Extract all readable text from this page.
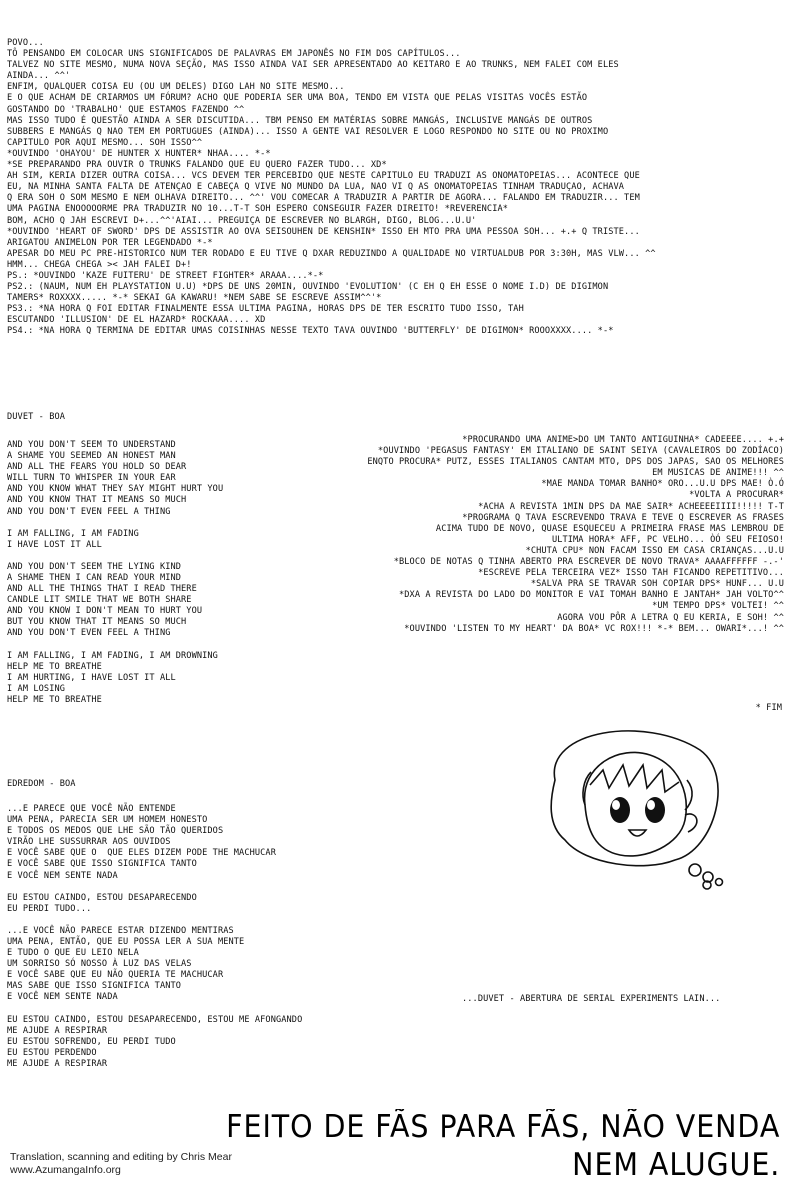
POVO...
TÔ PENSANDO EM COLOCAR UNS SIGNIFICADOS DE PALAVRAS EM JAPONÊS NO FIM DOS CAPÍTULOS...
TALVEZ NO SITE MESMO, NUMA NOVA SEÇÃO, MAS ISSO AINDA VAI SER APRESENTADO AO KEITARO E AO TRUNKS, NEM FALEI COM ELES
AINDA... ^^'
ENFIM, QUALQUER COISA EU (OU UM DELES) DIGO LAH NO SITE MESMO...
E O QUE ACHAM DE CRIARMOS UM FÓRUM? ACHO QUE PODERIA SER UMA BOA, TENDO EM VISTA QUE PELAS VISITAS VOCÊS ESTÃO
GOSTANDO DO 'TRABALHO' QUE ESTAMOS FAZENDO ^^
MAS ISSO TUDO É QUESTÃO AINDA A SER DISCUTIDA... TBM PENSO EM MATÉRIAS SOBRE MANGÁS, INCLUSIVE MANGÁS DE OUTROS
SUBBERS E MANGÁS Q NAO TEM EM PORTUGUES (AINDA)... ISSO A GENTE VAI RESOLVER E LOGO RESPONDO NO SITE OU NO PROXIMO
CAPITULO POR AQUI MESMO... SOH ISSO^^
*OUVINDO 'OHAYOU' DE HUNTER X HUNTER* NHAA.... *-*
*SE PREPARANDO PRA OUVIR O TRUNKS FALANDO QUE EU QUERO FAZER TUDO... XD*
AH SIM, KERIA DIZER OUTRA COISA... VCS DEVEM TER PERCEBIDO QUE NESTE CAPITULO EU TRADUZI AS ONOMATOPEIAS... ACONTECE QUE
EU, NA MINHA SANTA FALTA DE ATENÇAO E CABEÇA Q VIVE NO MUNDO DA LUA, NAO VI Q AS ONOMATOPEIAS TINHAM TRADUÇAO, ACHAVA
Q ERA SOH O SOM MESMO E NEM OLHAVA DIREITO... ^^' VOU COMECAR A TRADUZIR A PARTIR DE AGORA... FALANDO EM TRADUZIR... TEM
UMA PAGINA ENOOOOORME PRA TRADUZIR NO 10...T-T SOH ESPERO CONSEGUIR FAZER DIREITO! *REVERENCIA*
BOM, ACHO Q JAH ESCREVI D+...^^'AIAI... PREGUIÇA DE ESCREVER NO BLARGH, DIGO, BLOG...U.U'
*OUVINDO 'HEART OF SWORD' DPS DE ASSISTIR AO OVA SEISOUHEN DE KENSHIN* ISSO EH MTO PRA UMA PESSOA SOH... +.+ Q TRISTE...
ARIGATOU ANIMELON POR TER LEGENDADO *-*
APESAR DO MEU PC PRE-HISTORICO NUM TER RODADO E EU TIVE Q DXAR REDUZINDO A QUALIDADE NO VIRTUALDUB POR 3:30H, MAS VLW... ^^
HMM... CHEGA CHEGA >< JAH FALEI D+!
PS.: *OUVINDO 'KAZE FUITERU' DE STREET FIGHTER* ARAAA....*-*
PS2.: (NAUM, NUM EH PLAYSTATION U.U) *DPS DE UNS 20MIN, OUVINDO 'EVOLUTION' (C EH Q EH ESSE O NOME I.D) DE DIGIMON
TAMERS* ROXXXX..... *-* SEKAI GA KAWARU! *NEM SABE SE ESCREVE ASSIM^^'*
PS3.: *NA HORA Q FOI EDITAR FINALMENTE ESSA ULTIMA PAGINA, HORAS DPS DE TER ESCRITO TUDO ISSO, TAH
ESCUTANDO 'ILLUSION' DE EL HAZARD* ROCKAAA.... XD
PS4.: *NA HORA Q TERMINA DE EDITAR UMAS COISINHAS NESSE TEXTO TAVA OUVINDO 'BUTTERFLY' DE DIGIMON* ROOOXXXX.... *-*
DUVET - BOA
AND YOU DON'T SEEM TO UNDERSTAND
A SHAME YOU SEEMED AN HONEST MAN
AND ALL THE FEARS YOU HOLD SO DEAR
WILL TURN TO WHISPER IN YOUR EAR
AND YOU KNOW WHAT THEY SAY MIGHT HURT YOU
AND YOU KNOW THAT IT MEANS SO MUCH
AND YOU DON'T EVEN FEEL A THING
I AM FALLING, I AM FADING
I HAVE LOST IT ALL
AND YOU DON'T SEEM THE LYING KIND
A SHAME THEN I CAN READ YOUR MIND
AND ALL THE THINGS THAT I READ THERE
CANDLE LIT SMILE THAT WE BOTH SHARE
AND YOU KNOW I DON'T MEAN TO HURT YOU
BUT YOU KNOW THAT IT MEANS SO MUCH
AND YOU DON'T EVEN FEEL A THING
I AM FALLING, I AM FADING, I AM DROWNING
HELP ME TO BREATHE
I AM HURTING, I HAVE LOST IT ALL
I AM LOSING
HELP ME TO BREATHE
*PROCURANDO UMA ANIME>DO UM TANTO ANTIGUINHA* CADEEEE.... +.+
*OUVINDO 'PEGASUS FANTASY' EM ITALIANO DE SAINT SEIYA (CAVALEIROS DO ZODÍACO)
ENQTO PROCURA* PUTZ, ESSES ITALIANOS CANTAM MTO, DPS DOS JAPAS, SAO OS MELHORES
EM MUSICAS DE ANIME!!! ^^
*MAE MANDA TOMAR BANHO* ORO...U.U DPS MAE! Ò.Ó
*VOLTA A PROCURAR*
*ACHA A REVISTA 1MIN DPS DA MAE SAIR* ACHEEEEIIII!!!!! T-T
*PROGRAMA Q TAVA ESCREVENDO TRAVA E TEVE Q ESCREVER AS FRASES
ACIMA TUDO DE NOVO, QUASE ESQUECEU A PRIMEIRA FRASE MAS LEMBROU DE
ULTIMA HORA* AFF, PC VELHO... ÒÓ SEU FEIOSO!
*CHUTA CPU* NON FACAM ISSO EM CASA CRIANÇAS...U.U
*BLOCO DE NOTAS Q TINHA ABERTO PRA ESCREVER DE NOVO TRAVA* AAAAFFFFFF -.-'
*ESCREVE PELA TERCEIRA VEZ* ISSO TAH FICANDO REPETITIVO...
*SALVA PRA SE TRAVAR SOH COPIAR DPS* HUNF... U.U
*DXA A REVISTA DO LADO DO MONITOR E VAI TOMAH BANHO E JANTAH* JAH VOLTO^^
*UM TEMPO DPS* VOLTEI! ^^
AGORA VOU PÔR A LETRA Q EU KERIA, E SOH! ^^
*OUVINDO 'LISTEN TO MY HEART' DA BOA* VC ROX!!! *-* BEM... OWARI*...! ^^
* FIM
EDREDOM - BOA
...E PARECE QUE VOCÊ NÃO ENTENDE
UMA PENA, PARECIA SER UM HOMEM HONESTO
E TODOS OS MEDOS QUE LHE SÃO TÃO QUERIDOS
VIRÃO LHE SUSSURRAR AOS OUVIDOS
E VOCÊ SABE QUE O  QUE ELES DIZEM PODE THE MACHUCAR
E VOCÊ SABE QUE ISSO SIGNIFICA TANTO
E VOCÊ NEM SENTE NADA
EU ESTOU CAINDO, ESTOU DESAPARECENDO
EU PERDI TUDO...
...E VOCÊ NÃO PARECE ESTAR DIZENDO MENTIRAS
UMA PENA, ENTÃO, QUE EU POSSA LER A SUA MENTE
E TUDO O QUE EU LEIO NELA
UM SORRISO SÓ NOSSO À LUZ DAS VELAS
E VOCÊ SABE QUE EU NÃO QUERIA TE MACHUCAR
MAS SABE QUE ISSO SIGNIFICA TANTO
E VOCÊ NEM SENTE NADA
EU ESTOU CAINDO, ESTOU DESAPARECENDO, ESTOU ME AFONGANDO
ME AJUDE A RESPIRAR
EU ESTOU SOFRENDO, EU PERDI TUDO
EU ESTOU PERDENDO
ME AJUDE A RESPIRAR
...DUVET - ABERTURA DE SERIAL EXPERIMENTS LAIN...
FEITO DE FÃS PARA FÃS, NÃO VENDA
NEM ALUGUE.
Translation, scanning and editing by Chris Mear
www.AzumangaInfo.org
